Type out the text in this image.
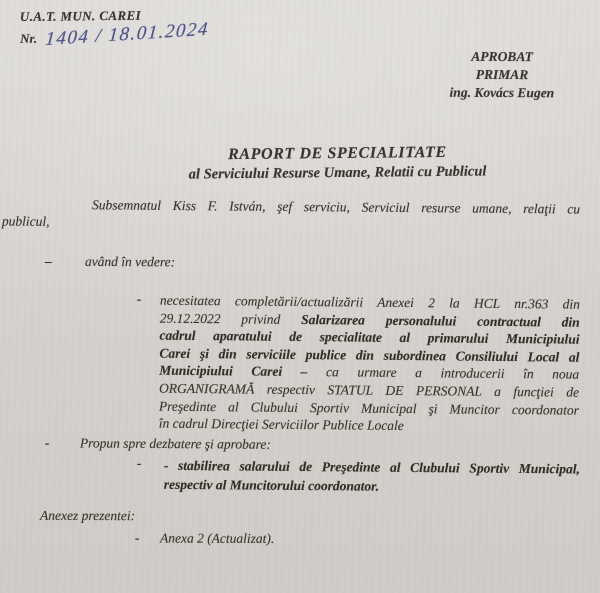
U.A.T. MUN. CAREI
Nr. 1404 / 18.01.2024
APROBAT
PRIMAR
ing. Kovács Eugen
RAPORT DE SPECIALITATE
al Serviciului Resurse Umane, Relatii cu Publicul
Subsemnatul Kiss F. István, şef serviciu, Serviciul resurse umane, relaţii cu
publicul,
– având în vedere:
- necesitatea completării/actualizării Anexei 2 la HCL nr.363 din
29.12.2022 privind Salarizarea personalului contractual din
cadrul aparatului de specialitate al primarului Municipiului
Carei şi din serviciile publice din subordinea Consiliului Local al
Municipiului Carei – ca urmare a introducerii în noua
ORGANIGRAMĂ respectiv STATUL DE PERSONAL a funcţiei de
Preşedinte al Clubului Sportiv Municipal şi Muncitor coordonator
în cadrul Direcţiei Serviciilor Publice Locale
- Propun spre dezbatere şi aprobare:
- - stabilirea salarului de Preşedinte al Clubului Sportiv Municipal,
respectiv al Muncitorului coordonator.
Anexez prezentei:
- Anexa 2 (Actualizat).
